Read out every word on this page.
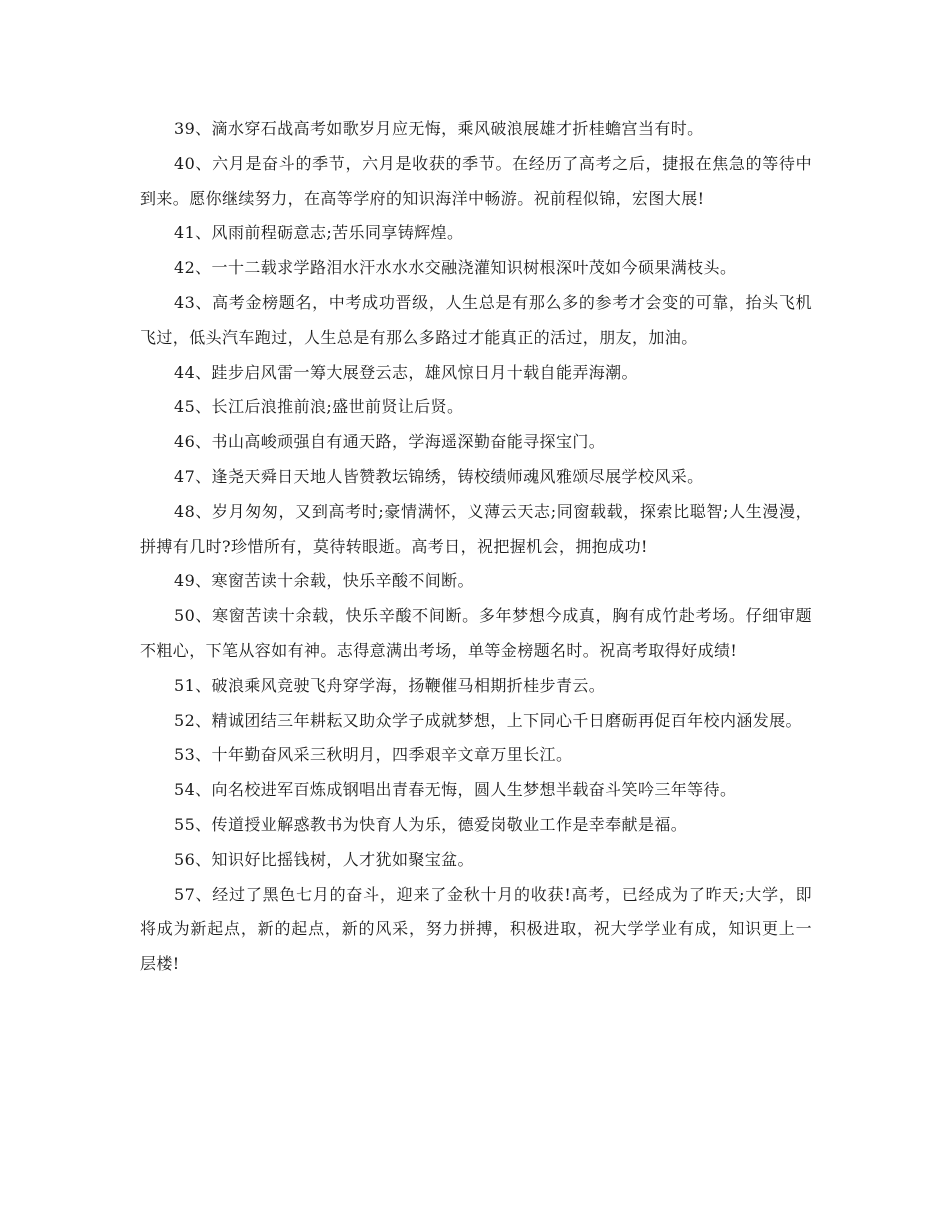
39、滴水穿石战高考如歌岁月应无悔，乘风破浪展雄才折桂蟾宫当有时。

40、六月是奋斗的季节，六月是收获的季节。在经历了高考之后，捷报在焦急的等待中到来。愿你继续努力，在高等学府的知识海洋中畅游。祝前程似锦，宏图大展!

41、风雨前程砺意志;苦乐同享铸辉煌。

42、一十二载求学路泪水汗水水水交融浇灌知识树根深叶茂如今硕果满枝头。

43、高考金榜题名，中考成功晋级，人生总是有那么多的参考才会变的可靠，抬头飞机飞过，低头汽车跑过，人生总是有那么多路过才能真正的活过，朋友，加油。

44、跬步启风雷一筹大展登云志，雄风惊日月十载自能弄海潮。

45、长江后浪推前浪;盛世前贤让后贤。

46、书山高峻顽强自有通天路，学海遥深勤奋能寻探宝门。

47、逢尧天舜日天地人皆赞教坛锦绣，铸校绩师魂风雅颂尽展学校风采。

48、岁月匆匆，又到高考时;豪情满怀，义薄云天志;同窗载载，探索比聪智;人生漫漫，拼搏有几时?珍惜所有，莫待转眼逝。高考日，祝把握机会，拥抱成功!

49、寒窗苦读十余载，快乐辛酸不间断。

50、寒窗苦读十余载，快乐辛酸不间断。多年梦想今成真，胸有成竹赴考场。仔细审题不粗心，下笔从容如有神。志得意满出考场，单等金榜题名时。祝高考取得好成绩!

51、破浪乘风竞驶飞舟穿学海，扬鞭催马相期折桂步青云。

52、精诚团结三年耕耘又助众学子成就梦想，上下同心千日磨砺再促百年校内涵发展。

53、十年勤奋风采三秋明月，四季艰辛文章万里长江。

54、向名校进军百炼成钢唱出青春无悔，圆人生梦想半载奋斗笑吟三年等待。

55、传道授业解惑教书为快育人为乐，德爱岗敬业工作是幸奉献是福。

56、知识好比摇钱树，人才犹如聚宝盆。

57、经过了黑色七月的奋斗，迎来了金秋十月的收获!高考，已经成为了昨天;大学，即将成为新起点，新的起点，新的风采，努力拼搏，积极进取，祝大学学业有成，知识更上一层楼!
